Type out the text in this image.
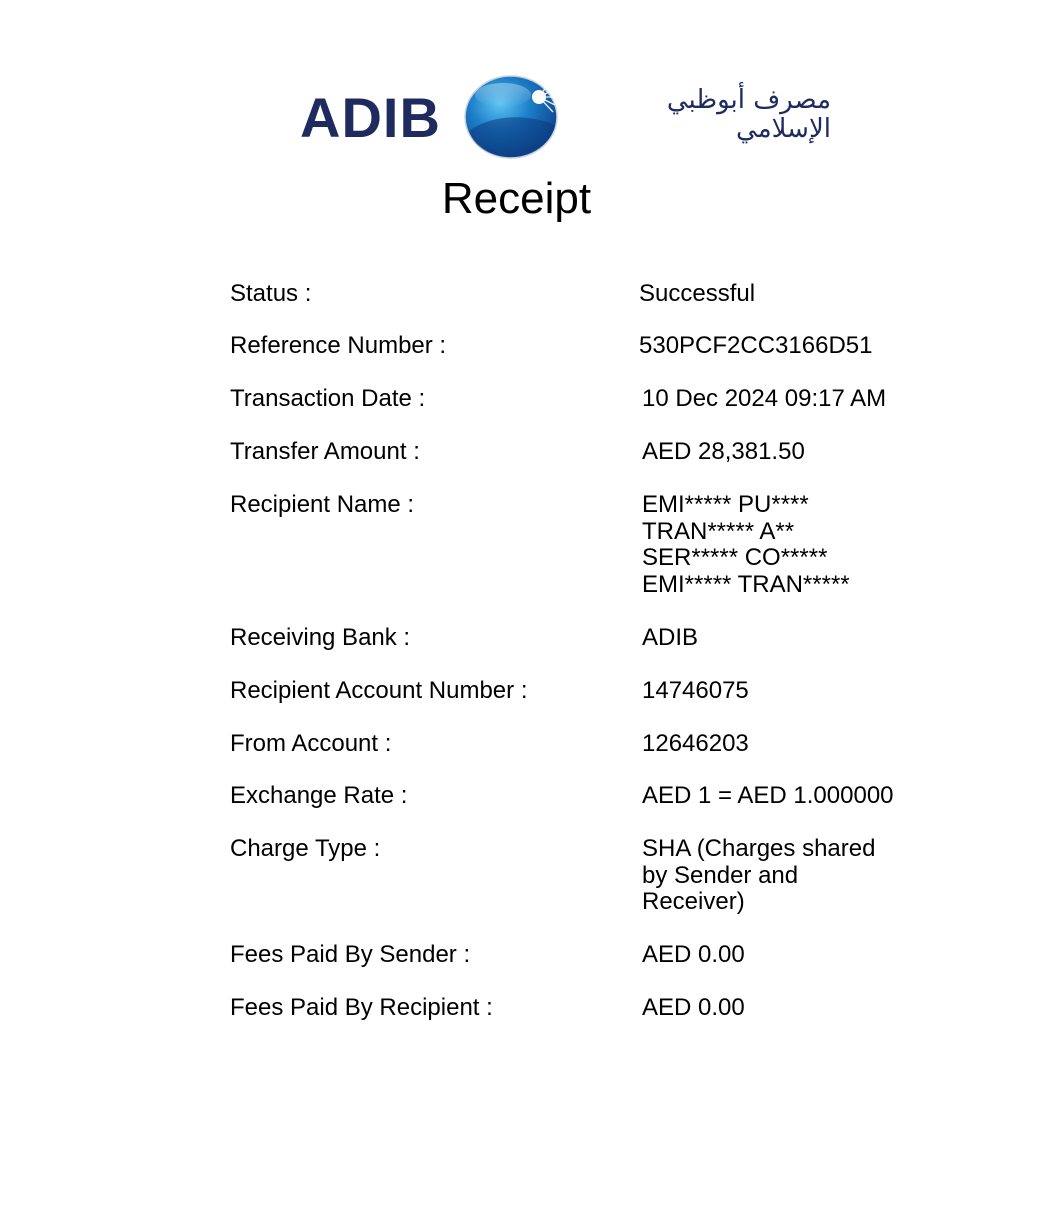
ADIB	مصرف أبوظبي
الإسلامي
Receipt
Status :	Successful
Reference Number :	530PCF2CC3166D51
Transaction Date :	10 Dec 2024 09:17 AM
Transfer Amount :	AED 28,381.50
Recipient Name :	EMI***** PU****
TRAN***** A**
SER***** CO*****
EMI***** TRAN*****
Receiving Bank :	ADIB
Recipient Account Number :	14746075
From Account :	12646203
Exchange Rate :	AED 1 = AED 1.000000
Charge Type :	SHA (Charges shared
by Sender and
Receiver)
Fees Paid By Sender :	AED 0.00
Fees Paid By Recipient :	AED 0.00
